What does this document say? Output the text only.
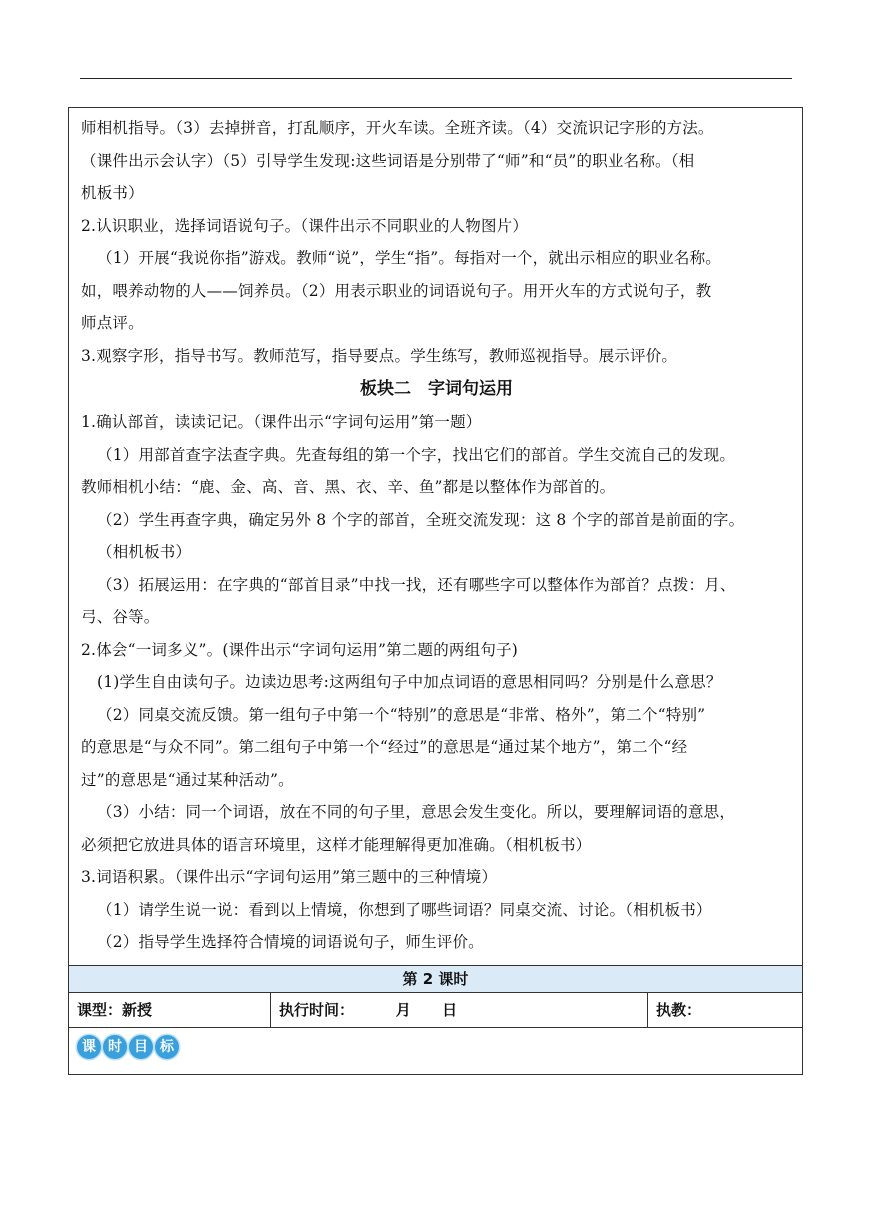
师相机指导。（3）去掉拼音，打乱顺序，开火车读。全班齐读。（4）交流识记字形的方法。
（课件出示会认字）（5）引导学生发现:这些词语是分别带了“师”和“员”的职业名称。（相
机板书）
2.认识职业，选择词语说句子。（课件出示不同职业的人物图片）
（1）开展“我说你指”游戏。教师“说”，学生“指”。每指对一个，就出示相应的职业名称。
如，喂养动物的人——饲养员。（2）用表示职业的词语说句子。用开火车的方式说句子，教
师点评。
3.观察字形，指导书写。教师范写，指导要点。学生练写，教师巡视指导。展示评价。
板块二　字词句运用
1.确认部首，读读记记。（课件出示“字词句运用”第一题）
（1）用部首查字法查字典。先查每组的第一个字，找出它们的部首。学生交流自己的发现。
教师相机小结：“鹿、金、高、音、黑、衣、辛、鱼”都是以整体作为部首的。
（2）学生再查字典，确定另外 8 个字的部首，全班交流发现：这 8 个字的部首是前面的字。
（相机板书）
（3）拓展运用：在字典的“部首目录”中找一找，还有哪些字可以整体作为部首？点拨：月、
弓、谷等。
2.体会“一词多义”。(课件出示“字词句运用”第二题的两组句子)
(1)学生自由读句子。边读边思考:这两组句子中加点词语的意思相同吗？分别是什么意思？
（2）同桌交流反馈。第一组句子中第一个“特别”的意思是“非常、格外”，第二个“特别”
的意思是“与众不同”。第二组句子中第一个“经过”的意思是“通过某个地方”，第二个“经
过”的意思是“通过某种活动”。
（3）小结：同一个词语，放在不同的句子里，意思会发生变化。所以，要理解词语的意思，
必须把它放进具体的语言环境里，这样才能理解得更加准确。（相机板书）
3.词语积累。（课件出示“字词句运用”第三题中的三种情境）
（1）请学生说一说：看到以上情境，你想到了哪些词语？同桌交流、讨论。（相机板书）
（2）指导学生选择符合情境的词语说句子，师生评价。
第 2 课时
课型：新授	执行时间：        月      日	执教：
课 时 目 标
